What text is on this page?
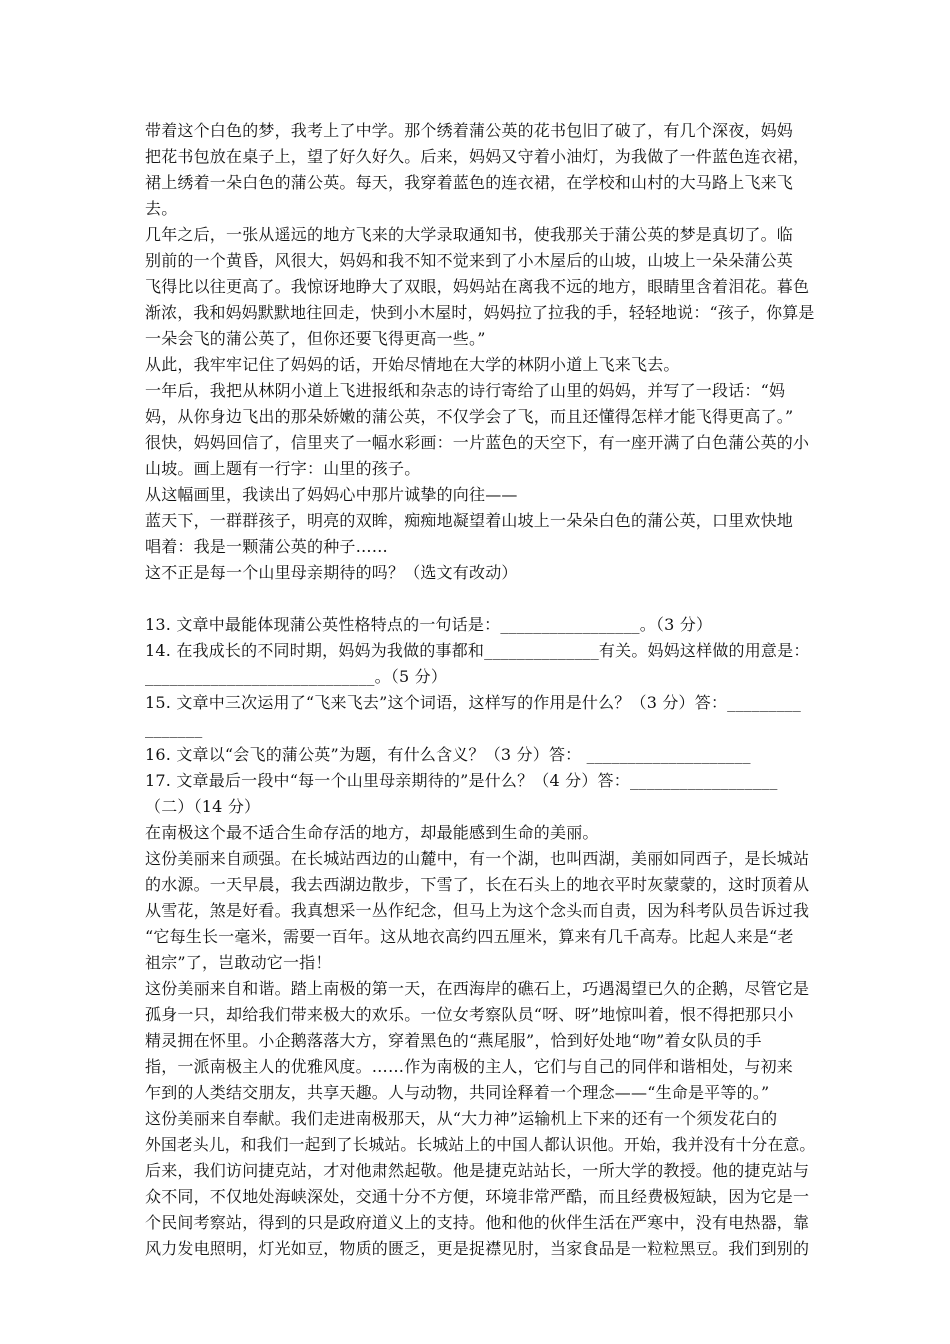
带着这个白色的梦，我考上了中学。那个绣着蒲公英的花书包旧了破了，有几个深夜，妈妈
把花书包放在桌子上，望了好久好久。后来，妈妈又守着小油灯，为我做了一件蓝色连衣裙，
裙上绣着一朵白色的蒲公英。每天，我穿着蓝色的连衣裙，在学校和山村的大马路上飞来飞
去。
几年之后，一张从遥远的地方飞来的大学录取通知书，使我那关于蒲公英的梦是真切了。临
别前的一个黄昏，风很大，妈妈和我不知不觉来到了小木屋后的山坡，山坡上一朵朵蒲公英
飞得比以往更高了。我惊讶地睁大了双眼，妈妈站在离我不远的地方，眼睛里含着泪花。暮色
渐浓，我和妈妈默默地往回走，快到小木屋时，妈妈拉了拉我的手，轻轻地说：“孩子，你算是
一朵会飞的蒲公英了，但你还要飞得更高一些。”
从此，我牢牢记住了妈妈的话，开始尽情地在大学的林阴小道上飞来飞去。
一年后，我把从林阴小道上飞进报纸和杂志的诗行寄给了山里的妈妈，并写了一段话：“妈
妈，从你身边飞出的那朵娇嫩的蒲公英，不仅学会了飞，而且还懂得怎样才能飞得更高了。”
很快，妈妈回信了，信里夹了一幅水彩画：一片蓝色的天空下，有一座开满了白色蒲公英的小
山坡。画上题有一行字：山里的孩子。
从这幅画里，我读出了妈妈心中那片诚挚的向往——
蓝天下，一群群孩子，明亮的双眸，痴痴地凝望着山坡上一朵朵白色的蒲公英，口里欢快地
唱着：我是一颗蒲公英的种子……
这不正是每一个山里母亲期待的吗？（选文有改动）
13. 文章中最能体现蒲公英性格特点的一句话是：_________________。（3 分）
14. 在我成长的不同时期，妈妈为我做的事都和______________有关。妈妈这样做的用意是：
____________________________。（5 分）
15. 文章中三次运用了“飞来飞去”这个词语，这样写的作用是什么？（3 分）答：_________
_______
16. 文章以“会飞的蒲公英”为题，有什么含义？（3 分）答： ____________________
17. 文章最后一段中“每一个山里母亲期待的”是什么？（4 分）答：__________________
（二）（14 分）
在南极这个最不适合生命存活的地方，却最能感到生命的美丽。
这份美丽来自顽强。在长城站西边的山麓中，有一个湖，也叫西湖，美丽如同西子，是长城站
的水源。一天早晨，我去西湖边散步，下雪了，长在石头上的地衣平时灰蒙蒙的，这时顶着从
从雪花，煞是好看。我真想采一丛作纪念，但马上为这个念头而自责，因为科考队员告诉过我
“它每生长一毫米，需要一百年。这从地衣高约四五厘米，算来有几千高寿。比起人来是“老
祖宗”了，岂敢动它一指！
这份美丽来自和谐。踏上南极的第一天，在西海岸的礁石上，巧遇渴望已久的企鹅，尽管它是
孤身一只，却给我们带来极大的欢乐。一位女考察队员“呀、呀”地惊叫着，恨不得把那只小
精灵拥在怀里。小企鹅落落大方，穿着黑色的“燕尾服”，恰到好处地“吻”着女队员的手
指，一派南极主人的优雅风度。……作为南极的主人，它们与自己的同伴和谐相处，与初来
乍到的人类结交朋友，共享天趣。人与动物，共同诠释着一个理念——“生命是平等的。”
这份美丽来自奉献。我们走进南极那天，从“大力神”运输机上下来的还有一个须发花白的
外国老头儿，和我们一起到了长城站。长城站上的中国人都认识他。开始，我并没有十分在意。
后来，我们访问捷克站，才对他肃然起敬。他是捷克站站长，一所大学的教授。他的捷克站与
众不同，不仅地处海峡深处，交通十分不方便，环境非常严酷，而且经费极短缺，因为它是一
个民间考察站，得到的只是政府道义上的支持。他和他的伙伴生活在严寒中，没有电热器，靠
风力发电照明，灯光如豆，物质的匮乏，更是捉襟见肘，当家食品是一粒粒黑豆。我们到别的
